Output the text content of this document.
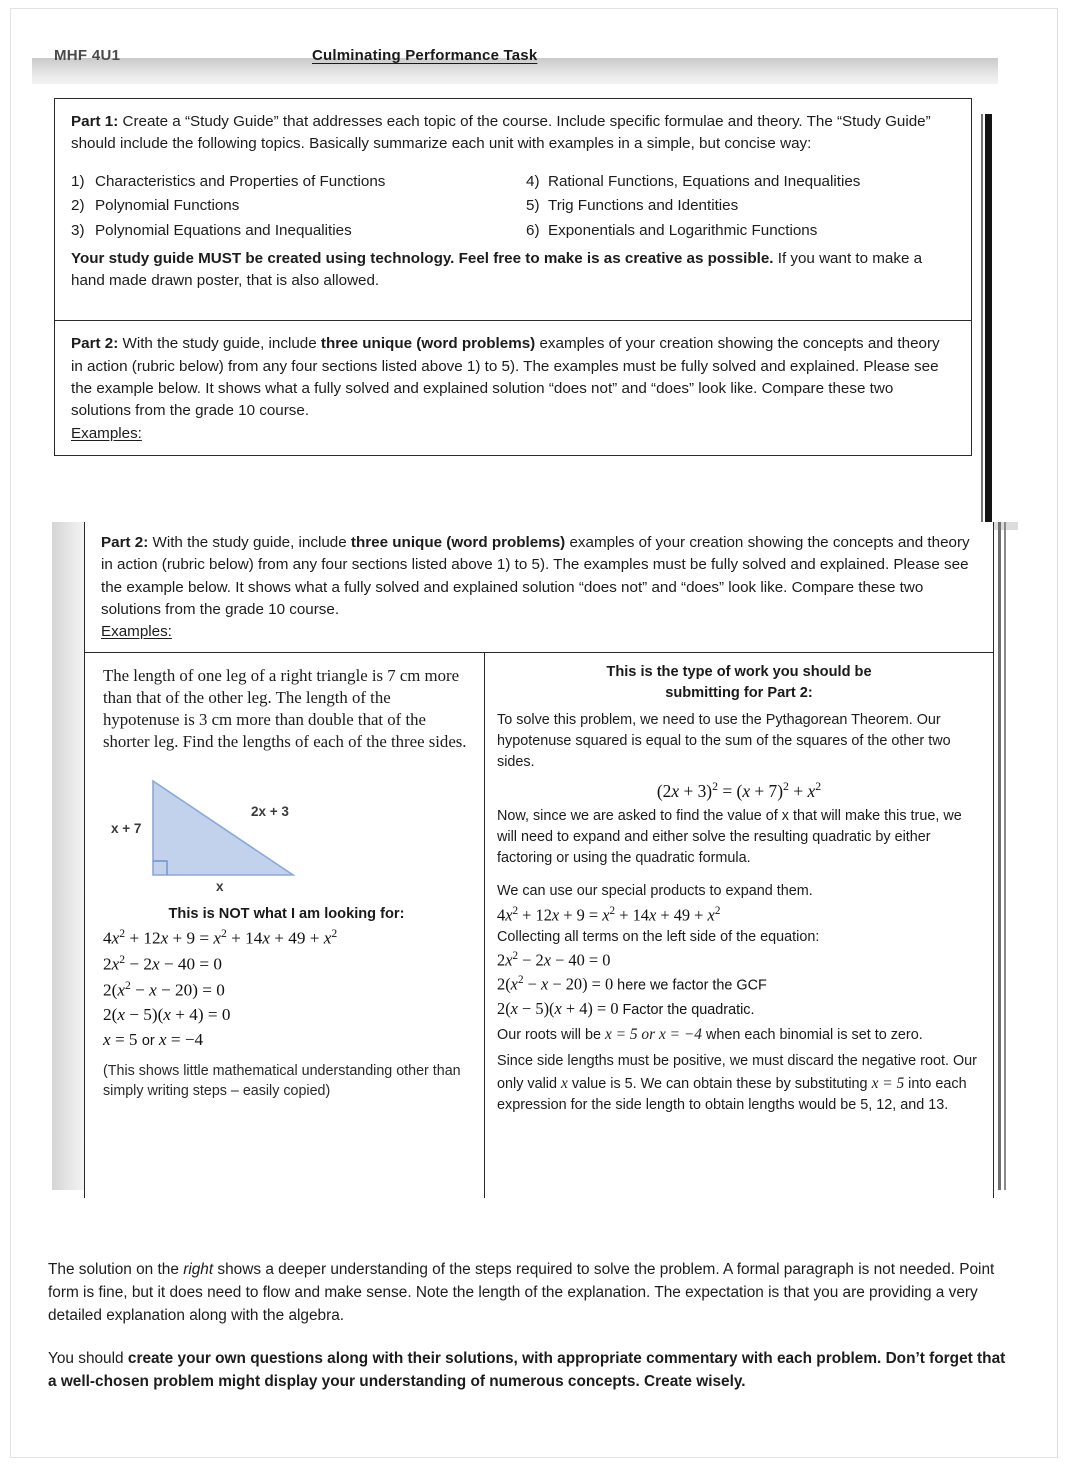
MHF 4U1	Culminating Performance Task

Part 1: Create a “Study Guide” that addresses each topic of the course. Include specific formulae and theory. The “Study Guide” should include the following topics. Basically summarize each unit with examples in a simple, but concise way:

1) Characteristics and Properties of Functions
2) Polynomial Functions
3) Polynomial Equations and Inequalities
4) Rational Functions, Equations and Inequalities
5) Trig Functions and Identities
6) Exponentials and Logarithmic Functions

Your study guide MUST be created using technology. Feel free to make is as creative as possible. If you want to make a hand made drawn poster, that is also allowed.

Part 2: With the study guide, include three unique (word problems) examples of your creation showing the concepts and theory in action (rubric below) from any four sections listed above 1) to 5). The examples must be fully solved and explained. Please see the example below. It shows what a fully solved and explained solution “does not” and “does” look like. Compare these two solutions from the grade 10 course.

Examples:

Part 2: With the study guide, include three unique (word problems) examples of your creation showing the concepts and theory in action (rubric below) from any four sections listed above 1) to 5). The examples must be fully solved and explained. Please see the example below. It shows what a fully solved and explained solution “does not” and “does” look like. Compare these two solutions from the grade 10 course.

Examples:

The length of one leg of a right triangle is 7 cm more than that of the other leg. The length of the hypotenuse is 3 cm more than double that of the shorter leg. Find the lengths of each of the three sides.

x + 7
2x + 3
x

This is NOT what I am looking for:

$4x^2 + 12x + 9 = x^2 + 14x + 49 + x^2$

$2x^2 - 2x - 40 = 0$

$2(x^2 - x - 20) = 0$

2(x − 5)(x + 4) = 0

x = 5 or x = −4

(This shows little mathematical understanding other than simply writing steps – easily copied)

This is the type of work you should be

submitting for Part 2:

To solve this problem, we need to use the Pythagorean Theorem. Our hypotenuse squared is equal to the sum of the squares of the other two sides.

$(2x + 3)^2 = (x + 7)^2 + x^2$

Now, since we are asked to find the value of x that will make this true, we will need to expand and either solve the resulting quadratic by either factoring or using the quadratic formula.

We can use our special products to expand them.

$4x^2 + 12x + 9 = x^2 + 14x + 49 + x^2$

Collecting all terms on the left side of the equation:

$2x^2 - 2x - 40 = 0$

$2(x^2 - x - 20) = 0$ here we factor the GCF

2(x − 5)(x + 4) = 0 Factor the quadratic.

Our roots will be x = 5 or x = −4 when each binomial is set to zero.

Since side lengths must be positive, we must discard the negative root. Our only valid x value is 5. We can obtain these by substituting x = 5 into each expression for the side length to obtain lengths would be 5, 12, and 13.

The solution on the right shows a deeper understanding of the steps required to solve the problem. A formal paragraph is not needed. Point form is fine, but it does need to flow and make sense. Note the length of the explanation. The expectation is that you are providing a very detailed explanation along with the algebra.

You should create your own questions along with their solutions, with appropriate commentary with each problem. Don’t forget that a well-chosen problem might display your understanding of numerous concepts. Create wisely.
